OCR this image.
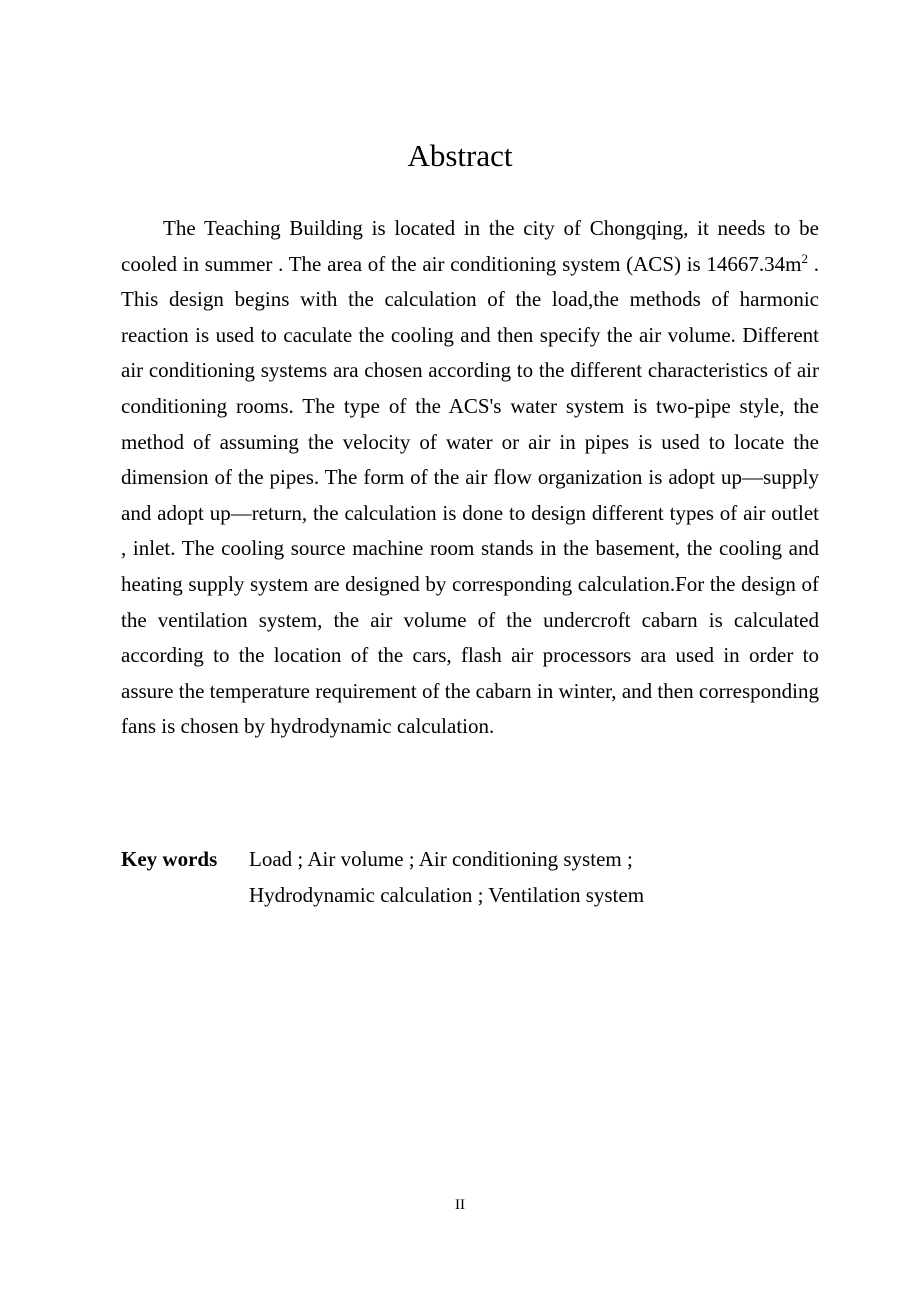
Abstract

The Teaching Building is located in the city of Chongqing, it needs to be cooled in summer . The area of the air conditioning system (ACS) is $14667.34m^2$ . This design begins with the calculation of the load,the methods of harmonic reaction is used to caculate the cooling and then specify the air volume. Different air conditioning systems ara chosen according to the different characteristics of air conditioning rooms. The type of the ACS's water system is two-pipe style, the method of assuming the velocity of water or air in pipes is used to locate the dimension of the pipes. The form of the air flow organization is adopt up—supply and adopt up—return, the calculation is done to design different types of air outlet , inlet. The cooling source machine room stands in the basement, the cooling and heating supply system are designed by corresponding calculation.For the design of the ventilation system, the air volume of the undercroft cabarn is calculated according to the location of the cars, flash air processors ara used in order to assure the temperature requirement of the cabarn in winter, and then corresponding fans is chosen by hydrodynamic calculation.

Key words Load ; Air volume ; Air conditioning system ;
Hydrodynamic calculation ; Ventilation system
II
